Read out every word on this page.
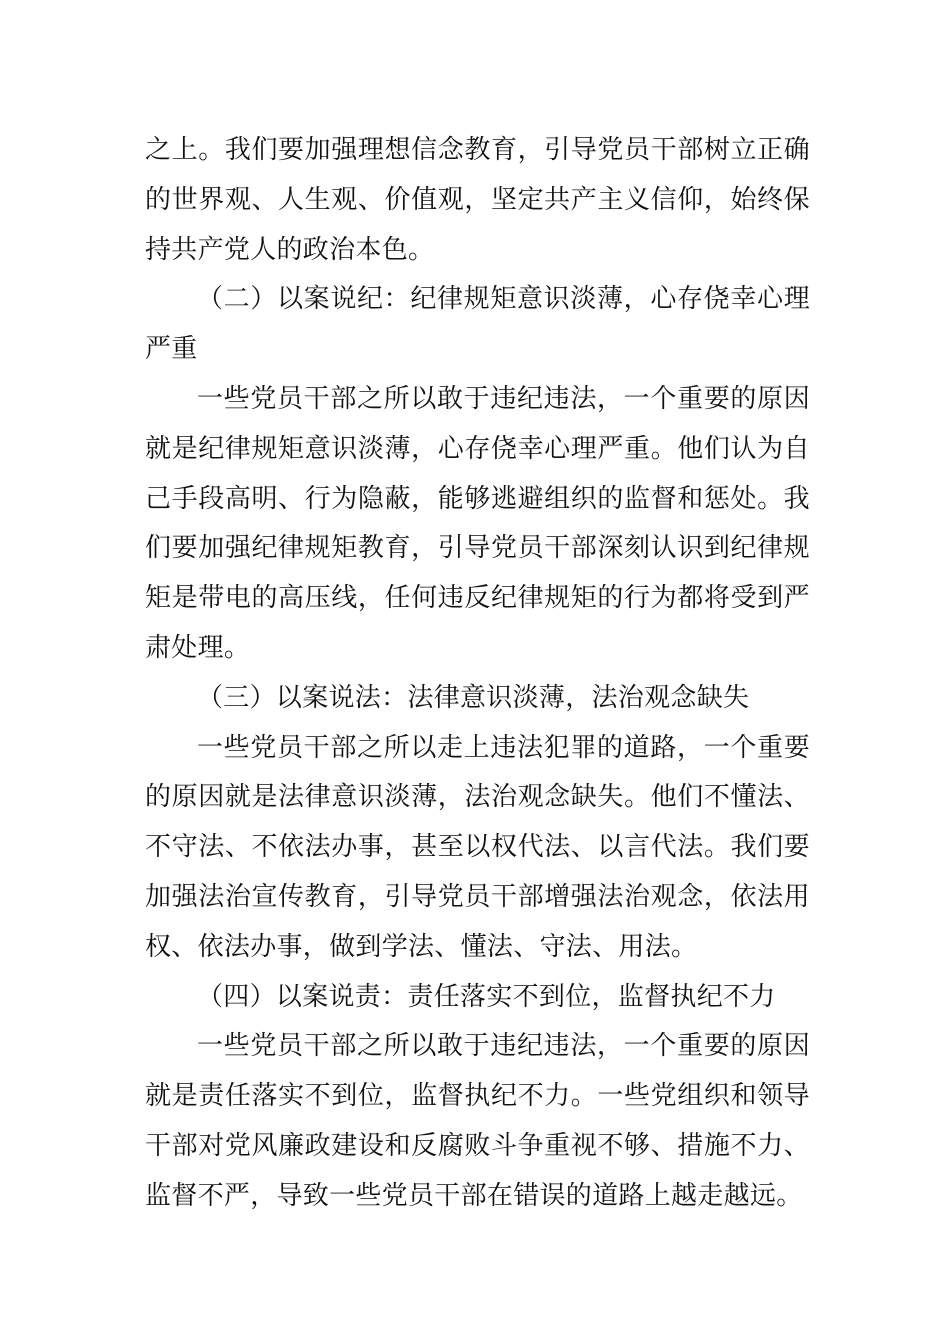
之上。我们要加强理想信念教育，引导党员干部树立正确的世界观、人生观、价值观，坚定共产主义信仰，始终保持共产党人的政治本色。

（二）以案说纪：纪律规矩意识淡薄，心存侥幸心理严重

一些党员干部之所以敢于违纪违法，一个重要的原因就是纪律规矩意识淡薄，心存侥幸心理严重。他们认为自己手段高明、行为隐蔽，能够逃避组织的监督和惩处。我们要加强纪律规矩教育，引导党员干部深刻认识到纪律规矩是带电的高压线，任何违反纪律规矩的行为都将受到严肃处理。

（三）以案说法：法律意识淡薄，法治观念缺失

一些党员干部之所以走上违法犯罪的道路，一个重要的原因就是法律意识淡薄，法治观念缺失。他们不懂法、不守法、不依法办事，甚至以权代法、以言代法。我们要加强法治宣传教育，引导党员干部增强法治观念，依法用权、依法办事，做到学法、懂法、守法、用法。

（四）以案说责：责任落实不到位，监督执纪不力

一些党员干部之所以敢于违纪违法，一个重要的原因就是责任落实不到位，监督执纪不力。一些党组织和领导干部对党风廉政建设和反腐败斗争重视不够、措施不力、监督不严，导致一些党员干部在错误的道路上越走越远。
